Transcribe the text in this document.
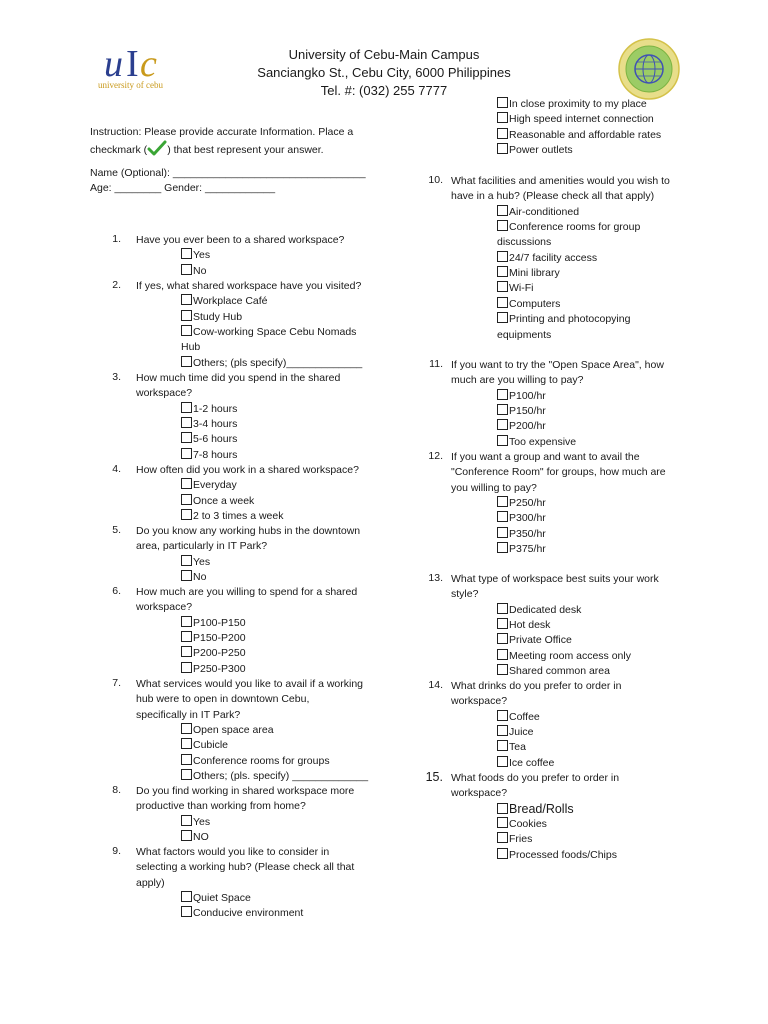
u c
I
university of cebu
University of Cebu-Main Campus
Sanciangko St., Cebu City, 6000 Philippines
Tel. #: (032) 255 7777
Instruction: Please provide accurate Information. Place a
checkmark ( ) that best represent your answer.
Name (Optional): _________________________________
Age: ________ Gender: ____________
1. Have you ever been to a shared workspace?
Yes
No
2. If yes, what shared workspace have you visited?
Workplace Café
Study Hub
Cow-working Space Cebu Nomads
Hub
Others; (pls specify)_____________
3. How much time did you spend in the shared
workspace?
1-2 hours
3-4 hours
5-6 hours
7-8 hours
4. How often did you work in a shared workspace?
Everyday
Once a week
2 to 3 times a week
5. Do you know any working hubs in the downtown
area, particularly in IT Park?
Yes
No
6. How much are you willing to spend for a shared
workspace?
P100-P150
P150-P200
P200-P250
P250-P300
7. What services would you like to avail if a working
hub were to open in downtown Cebu,
specifically in IT Park?
Open space area
Cubicle
Conference rooms for groups
Others; (pls. specify) _____________
8. Do you find working in shared workspace more
productive than working from home?
Yes
NO
9. What factors would you like to consider in
selecting a working hub? (Please check all that
apply)
Quiet Space
Conducive environment
In close proximity to my place
High speed internet connection
Reasonable and affordable rates
Power outlets
10. What facilities and amenities would you wish to
have in a hub? (Please check all that apply)
Air-conditioned
Conference rooms for group
discussions
24/7 facility access
Mini library
Wi-Fi
Computers
Printing and photocopying
equipments
11. If you want to try the "Open Space Area", how
much are you willing to pay?
P100/hr
P150/hr
P200/hr
Too expensive
12. If you want a group and want to avail the
"Conference Room" for groups, how much are
you willing to pay?
P250/hr
P300/hr
P350/hr
P375/hr
13. What type of workspace best suits your work
style?
Dedicated desk
Hot desk
Private Office
Meeting room access only
Shared common area
14. What drinks do you prefer to order in
workspace?
Coffee
Juice
Tea
Ice coffee
15. What foods do you prefer to order in
workspace?
Bread/Rolls
Cookies
Fries
Processed foods/Chips
